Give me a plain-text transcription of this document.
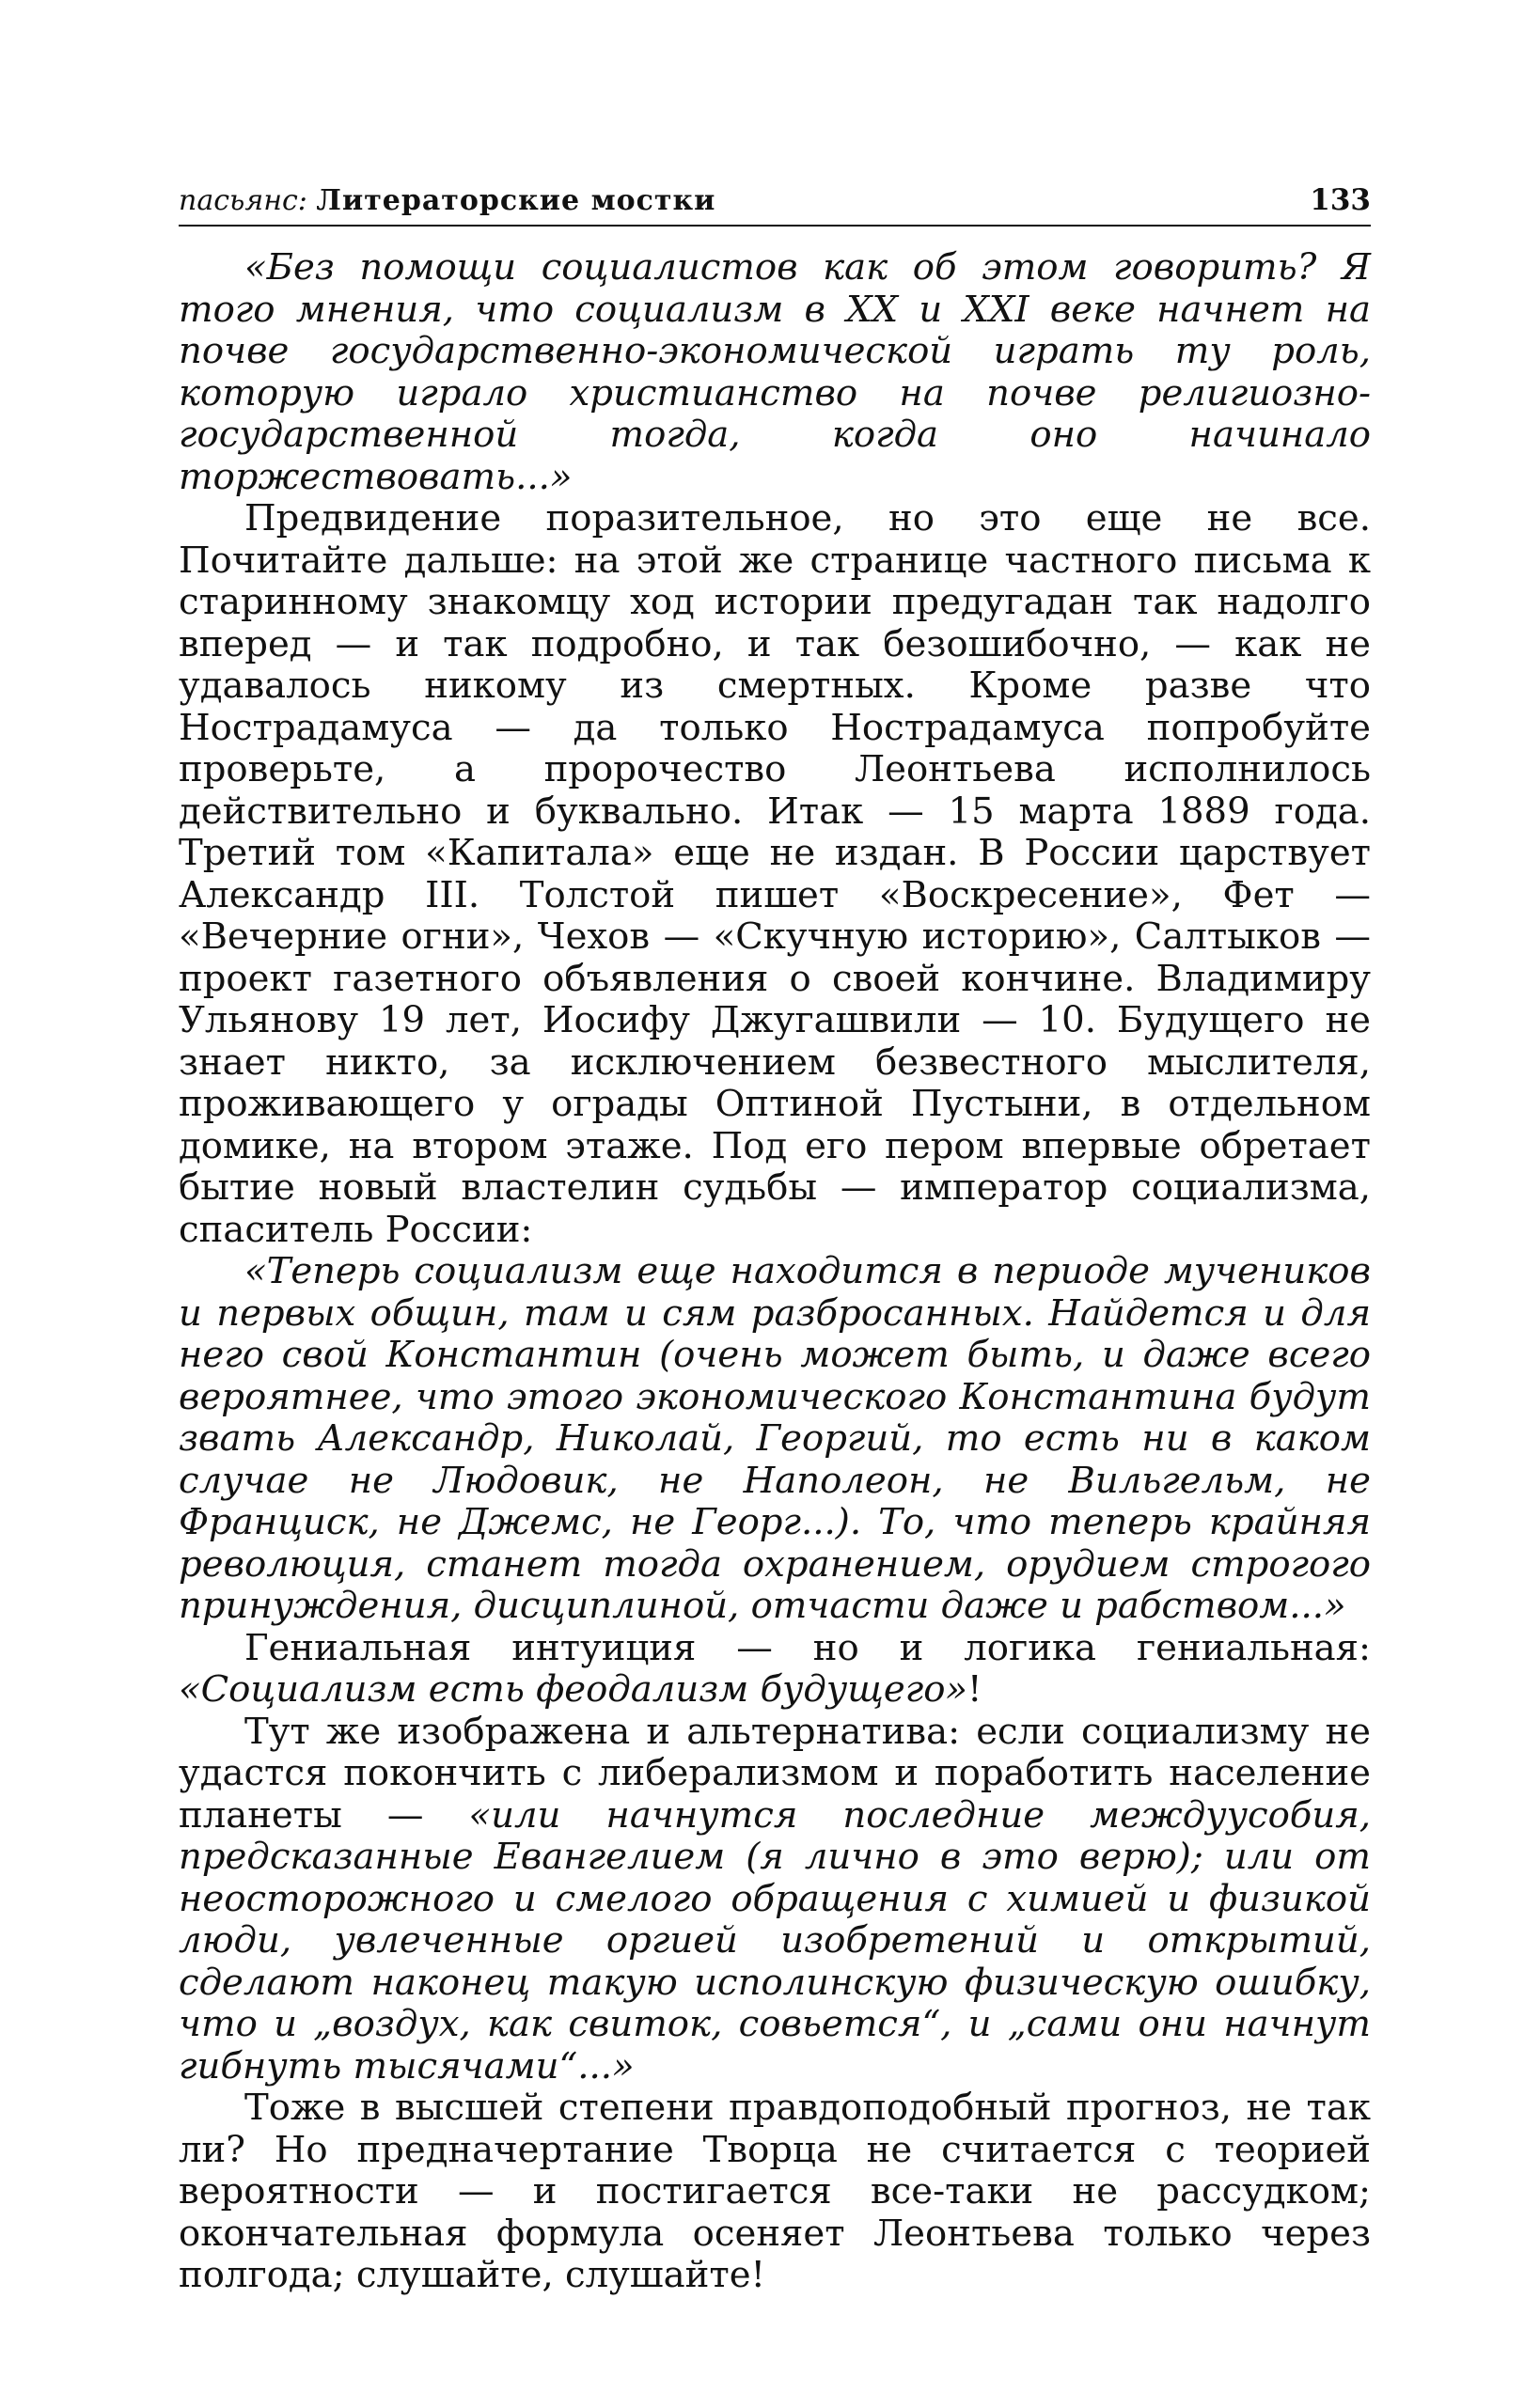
пасьянс: Литераторские мостки	133

«Без помощи социалистов как об этом говорить? Я того мнения, что социализм в XX и XXI веке начнет на почве государственно-экономической играть ту роль, которую играло христианство на почве религиозно-государственной тогда, когда оно начинало торжествовать...»

Предвидение поразительное, но это еще не все. Почитайте дальше: на этой же странице частного письма к старинному знакомцу ход истории предугадан так надолго вперед — и так подробно, и так безошибочно, — как не удавалось никому из смертных. Кроме разве что Нострадамуса — да только Нострадамуса попробуйте проверьте, а пророчество Леонтьева исполнилось действительно и буквально. Итак — 15 марта 1889 года. Третий том «Капитала» еще не издан. В России царствует Александр III. Толстой пишет «Воскресение», Фет — «Вечерние огни», Чехов — «Скучную историю», Салтыков — проект газетного объявления о своей кончине. Владимиру Ульянову 19 лет, Иосифу Джугашвили — 10. Будущего не знает никто, за исключением безвестного мыслителя, проживающего у ограды Оптиной Пустыни, в отдельном домике, на втором этаже. Под его пером впервые обретает бытие новый властелин судьбы — император социализма, спаситель России:

«Теперь социализм еще находится в периоде мучеников и первых общин, там и сям разбросанных. Найдется и для него свой Константин (очень может быть, и даже всего вероятнее, что этого экономического Константина будут звать Александр, Николай, Георгий, то есть ни в каком случае не Людовик, не Наполеон, не Вильгельм, не Франциск, не Джемс, не Георг...). То, что теперь крайняя революция, станет тогда охранением, орудием строгого принуждения, дисциплиной, отчасти даже и рабством...»

Гениальная интуиция — но и логика гениальная: «Социализм есть феодализм будущего»!

Тут же изображена и альтернатива: если социализму не удастся покончить с либерализмом и поработить население планеты — «или начнутся последние междуусобия, предсказанные Евангелием (я лично в это верю); или от неосторожного и смелого обращения с химией и физикой люди, увлеченные оргией изобретений и открытий, сделают наконец такую исполинскую физическую ошибку, что и „воздух, как свиток, совьется“, и „сами они начнут гибнуть тысячами“...»

Тоже в высшей степени правдоподобный прогноз, не так ли? Но предначертание Творца не считается с теорией вероятности — и постигается все-таки не рассудком; окончательная формула осеняет Леонтьева только через полгода; слушайте, слушайте!
